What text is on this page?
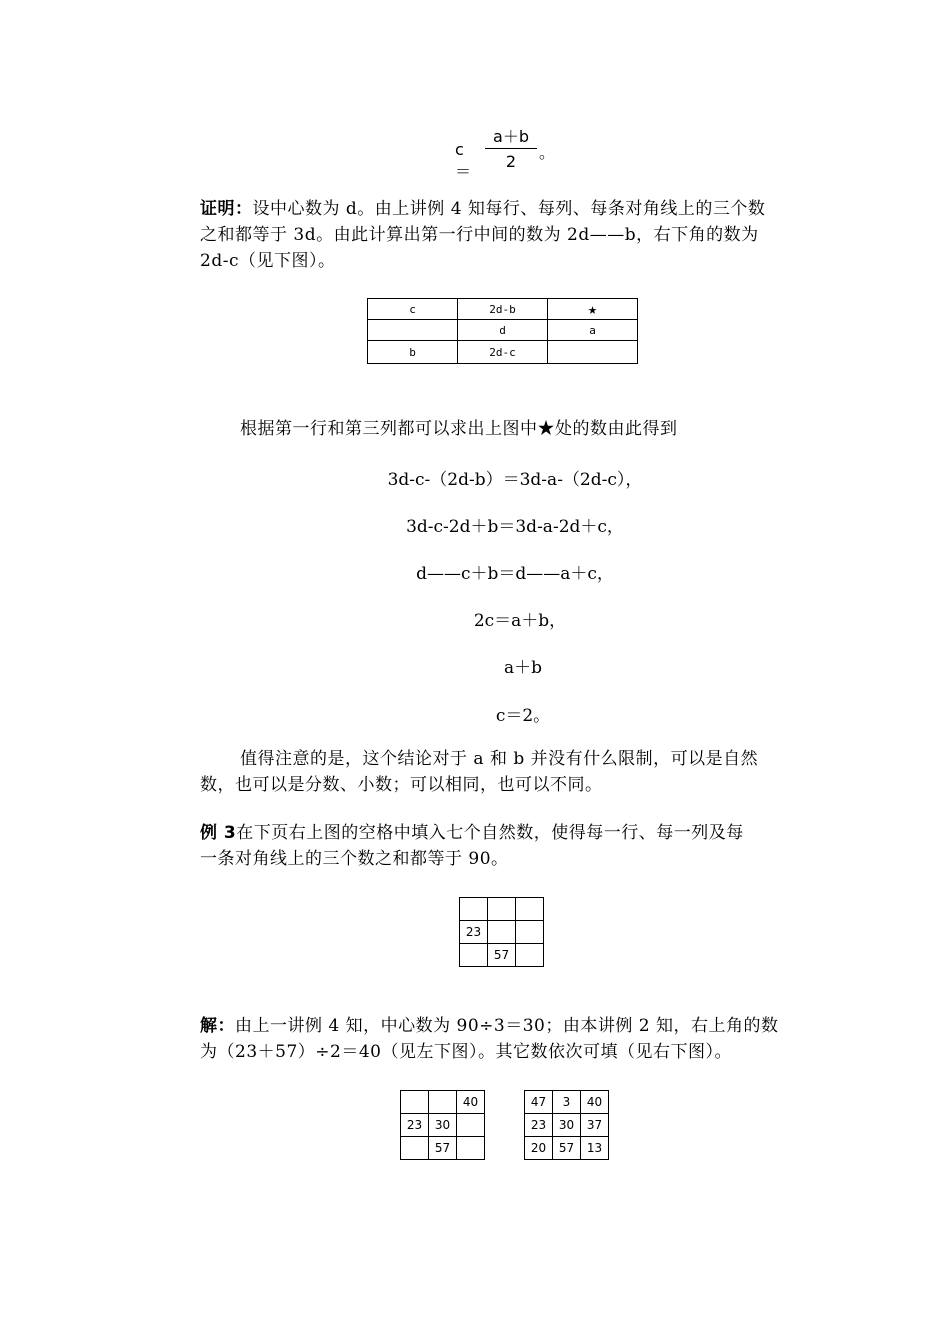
c＝
a＋b
2	。
证明：设中心数为 d。由上讲例 4 知每行、每列、每条对角线上的三个数
之和都等于 3d。由此计算出第一行中间的数为 2d——b，右下角的数为
2d-c（见下图）。
c	2d-b	★
	d	a
b	2d-c	
根据第一行和第三列都可以求出上图中★处的数由此得到
3d-c-（2d-b）＝3d-a-（2d-c），
3d-c-2d＋b＝3d-a-2d＋c，
d——c＋b＝d——a＋c，
2c＝a＋b，
a＋b
c＝2。
值得注意的是，这个结论对于 a 和 b 并没有什么限制，可以是自然
数，也可以是分数、小数；可以相同，也可以不同。
例 3在下页右上图的空格中填入七个自然数，使得每一行、每一列及每
一条对角线上的三个数之和都等于 90。

23		
	57	
解：由上一讲例 4 知，中心数为 90÷3＝30；由本讲例 2 知，右上角的数
为（23＋57）÷2＝40（见左下图）。其它数依次可填（见右下图）。
		40
23	30	
	57	
47	3	40
23	30	37
20	57	13
